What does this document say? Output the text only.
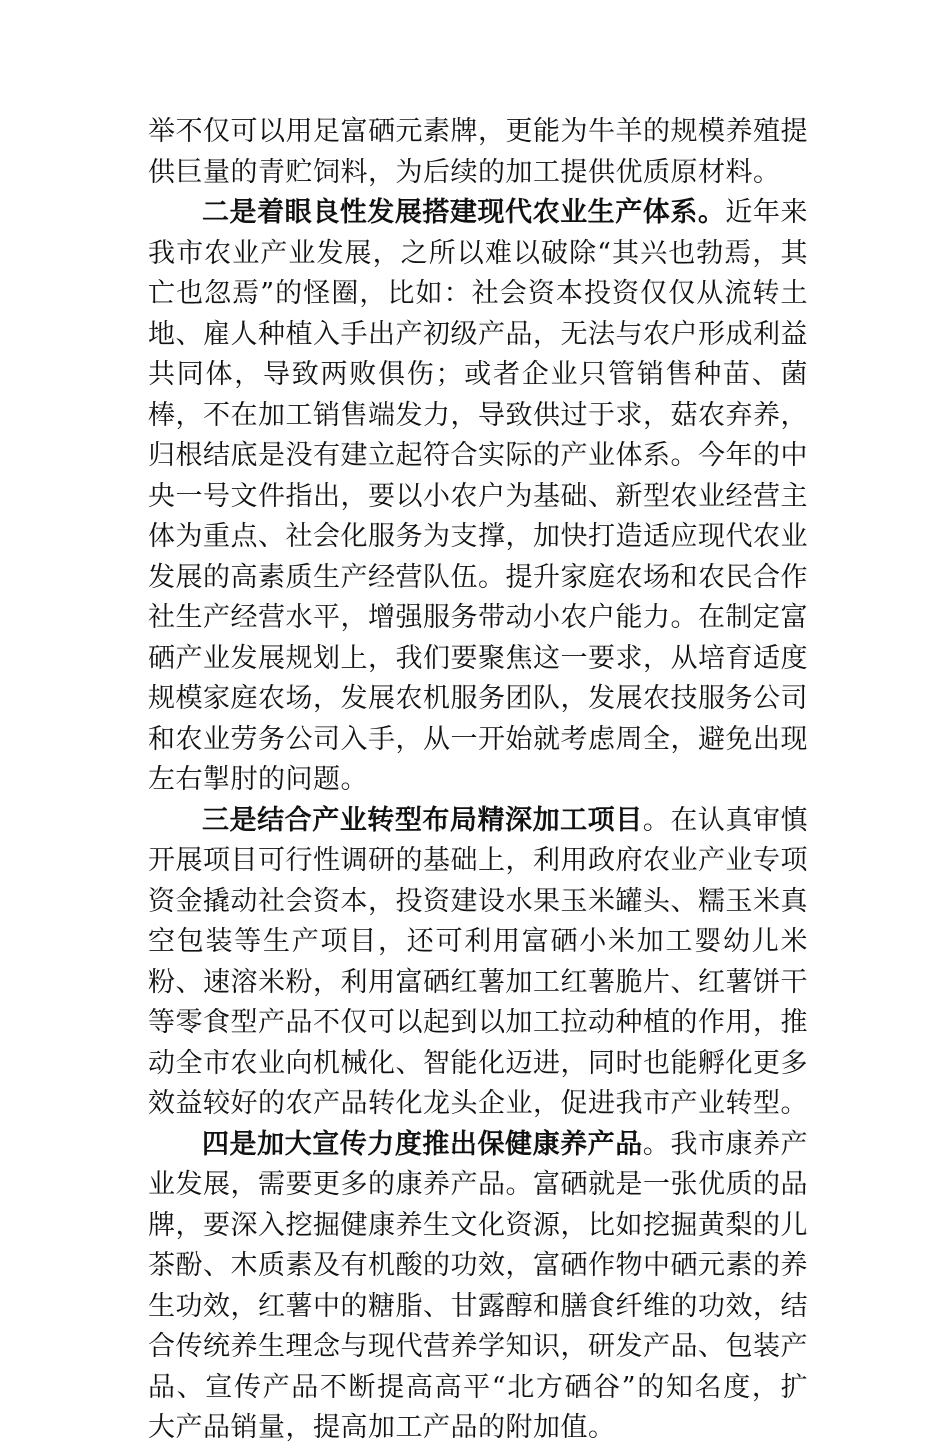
举不仅可以用足富硒元素牌，更能为牛羊的规模养殖提供巨量的青贮饲料，为后续的加工提供优质原材料。

二是着眼良性发展搭建现代农业生产体系。近年来我市农业产业发展，之所以难以破除“其兴也勃焉，其亡也忽焉”的怪圈，比如：社会资本投资仅仅从流转土地、雇人种植入手出产初级产品，无法与农户形成利益共同体，导致两败俱伤；或者企业只管销售种苗、菌棒，不在加工销售端发力，导致供过于求，菇农弃养，归根结底是没有建立起符合实际的产业体系。今年的中央一号文件指出，要以小农户为基础、新型农业经营主体为重点、社会化服务为支撑，加快打造适应现代农业发展的高素质生产经营队伍。提升家庭农场和农民合作社生产经营水平，增强服务带动小农户能力。在制定富硒产业发展规划上，我们要聚焦这一要求，从培育适度规模家庭农场，发展农机服务团队，发展农技服务公司和农业劳务公司入手，从一开始就考虑周全，避免出现左右掣肘的问题。

三是结合产业转型布局精深加工项目。在认真审慎开展项目可行性调研的基础上，利用政府农业产业专项资金撬动社会资本，投资建设水果玉米罐头、糯玉米真空包装等生产项目，还可利用富硒小米加工婴幼儿米粉、速溶米粉，利用富硒红薯加工红薯脆片、红薯饼干等零食型产品不仅可以起到以加工拉动种植的作用，推动全市农业向机械化、智能化迈进，同时也能孵化更多效益较好的农产品转化龙头企业，促进我市产业转型。

四是加大宣传力度推出保健康养产品。我市康养产业发展，需要更多的康养产品。富硒就是一张优质的品牌，要深入挖掘健康养生文化资源，比如挖掘黄梨的儿茶酚、木质素及有机酸的功效，富硒作物中硒元素的养生功效，红薯中的糖脂、甘露醇和膳食纤维的功效，结合传统养生理念与现代营养学知识，研发产品、包装产品、宣传产品不断提高高平“北方硒谷”的知名度，扩大产品销量，提高加工产品的附加值。
